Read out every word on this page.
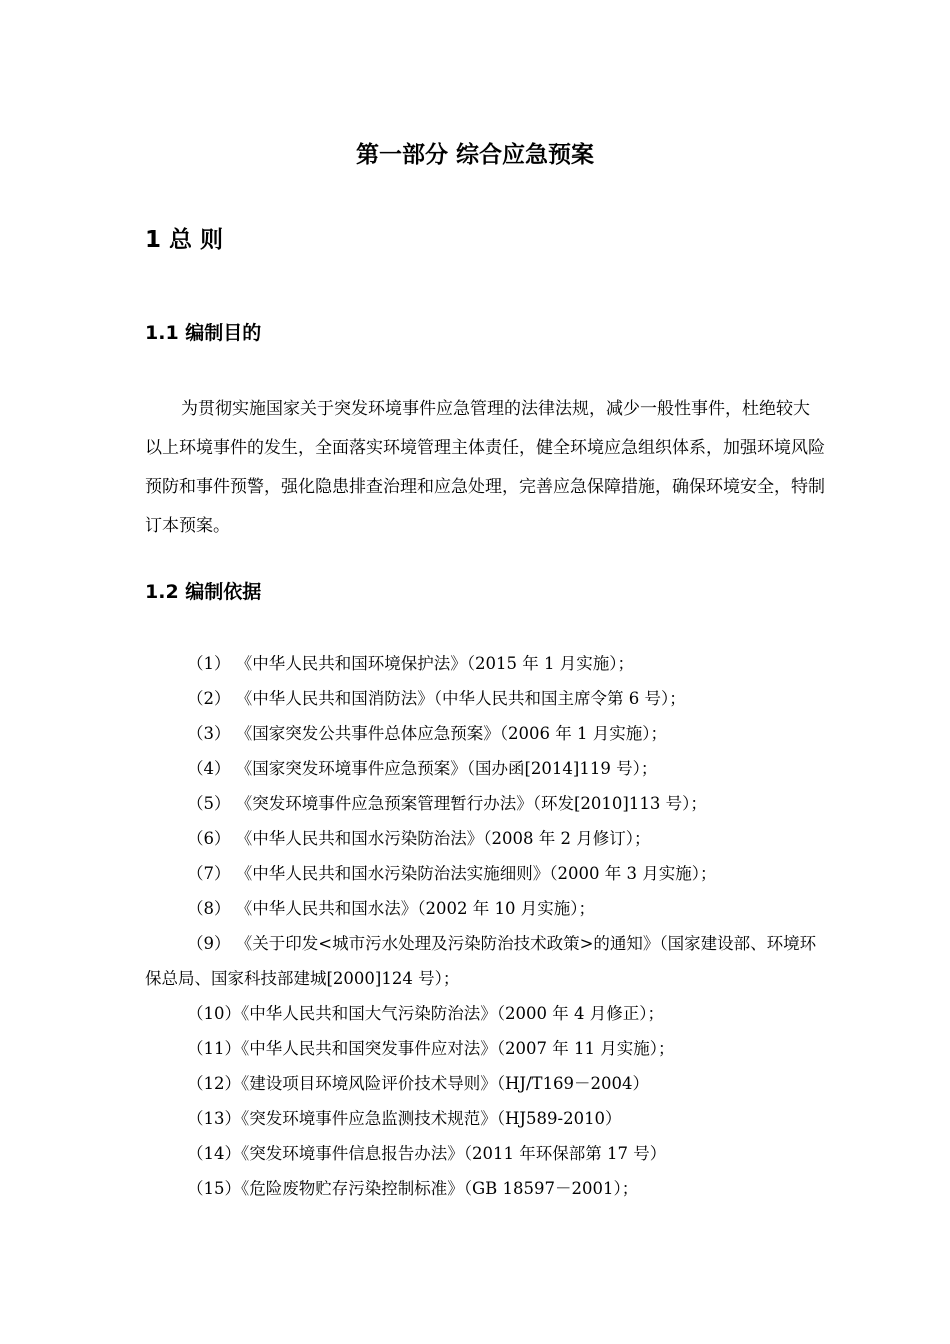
第一部分 综合应急预案
1 总 则
1.1 编制目的

为贯彻实施国家关于突发环境事件应急管理的法律法规，减少一般性事件，杜绝较大以上环境事件的发生，全面落实环境管理主体责任，健全环境应急组织体系，加强环境风险预防和事件预警，强化隐患排查治理和应急处理，完善应急保障措施，确保环境安全，特制订本预案。

1.2 编制依据
（1） 《中华人民共和国环境保护法》（2015 年 1 月实施）；
（2） 《中华人民共和国消防法》（中华人民共和国主席令第 6 号）；
（3） 《国家突发公共事件总体应急预案》（2006 年 1 月实施）；
（4） 《国家突发环境事件应急预案》（国办函[2014]119 号）；
（5） 《突发环境事件应急预案管理暂行办法》（环发[2010]113 号）；
（6） 《中华人民共和国水污染防治法》（2008 年 2 月修订）；
（7） 《中华人民共和国水污染防治法实施细则》（2000 年 3 月实施）；
（8） 《中华人民共和国水法》（2002 年 10 月实施）；
（9） 《关于印发<城市污水处理及污染防治技术政策>的通知》（国家建设部、环境环保总局、国家科技部建城[2000]124 号）；
（10）《中华人民共和国大气污染防治法》（2000 年 4 月修正）；
（11）《中华人民共和国突发事件应对法》（2007 年 11 月实施）；
（12）《建设项目环境风险评价技术导则》（HJ/T169－2004）
（13）《突发环境事件应急监测技术规范》（HJ589-2010）
（14）《突发环境事件信息报告办法》（2011 年环保部第 17 号）
（15）《危险废物贮存污染控制标准》（GB 18597－2001）；
